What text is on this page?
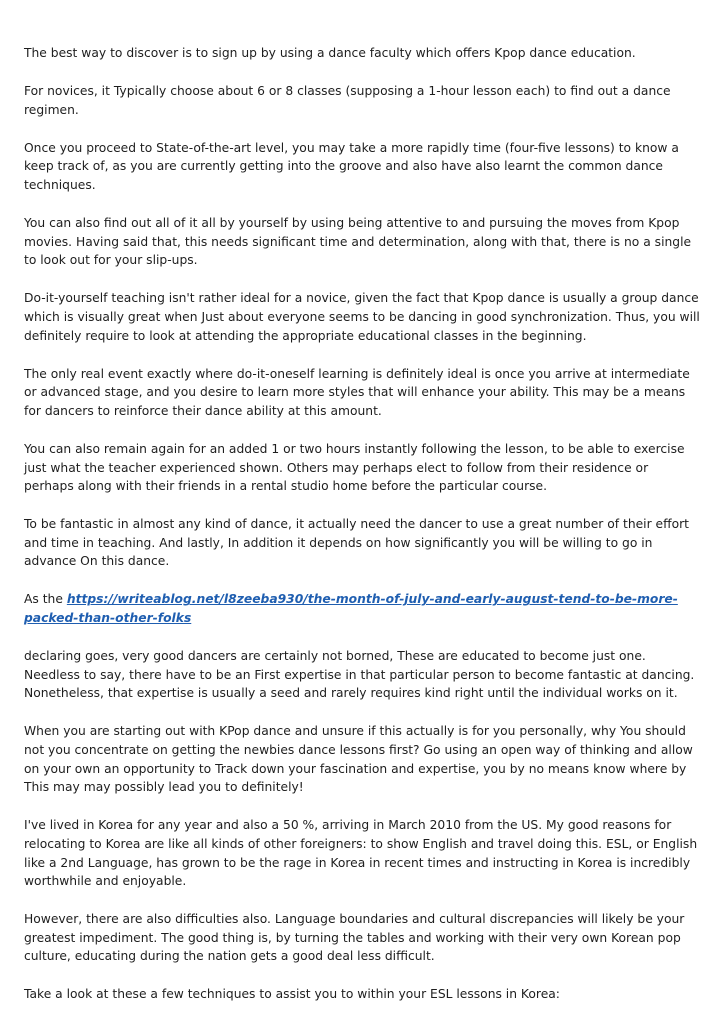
The best way to discover is to sign up by using a dance faculty which offers Kpop dance education.

For novices, it Typically choose about 6 or 8 classes (supposing a 1-hour lesson each) to find out a dance regimen.

Once you proceed to State-of-the-art level, you may take a more rapidly time (four-five lessons) to know a keep track of, as you are currently getting into the groove and also have also learnt the common dance techniques.

You can also find out all of it all by yourself by using being attentive to and pursuing the moves from Kpop movies. Having said that, this needs significant time and determination, along with that, there is no a single to look out for your slip-ups.

Do-it-yourself teaching isn't rather ideal for a novice, given the fact that Kpop dance is usually a group dance which is visually great when Just about everyone seems to be dancing in good synchronization. Thus, you will definitely require to look at attending the appropriate educational classes in the beginning.

The only real event exactly where do-it-oneself learning is definitely ideal is once you arrive at intermediate or advanced stage, and you desire to learn more styles that will enhance your ability. This may be a means for dancers to reinforce their dance ability at this amount.

You can also remain again for an added 1 or two hours instantly following the lesson, to be able to exercise just what the teacher experienced shown. Others may perhaps elect to follow from their residence or perhaps along with their friends in a rental studio home before the particular course.

To be fantastic in almost any kind of dance, it actually need the dancer to use a great number of their effort and time in teaching. And lastly, In addition it depends on how significantly you will be willing to go in advance On this dance.

As the https://writeablog.net/l8zeeba930/the-month-of-july-and-early-august-tend-to-be-more-packed-than-other-folks

declaring goes, very good dancers are certainly not borned, These are educated to become just one. Needless to say, there have to be an First expertise in that particular person to become fantastic at dancing. Nonetheless, that expertise is usually a seed and rarely requires kind right until the individual works on it.

When you are starting out with KPop dance and unsure if this actually is for you personally, why You should not you concentrate on getting the newbies dance lessons first? Go using an open way of thinking and allow on your own an opportunity to Track down your fascination and expertise, you by no means know where by This may may possibly lead you to definitely!

I've lived in Korea for any year and also a 50 %, arriving in March 2010 from the US. My good reasons for relocating to Korea are like all kinds of other foreigners: to show English and travel doing this. ESL, or English like a 2nd Language, has grown to be the rage in Korea in recent times and instructing in Korea is incredibly worthwhile and enjoyable.

However, there are also difficulties also. Language boundaries and cultural discrepancies will likely be your greatest impediment. The good thing is, by turning the tables and working with their very own Korean pop culture, educating during the nation gets a good deal less difficult.

Take a look at these a few techniques to assist you to within your ESL lessons in Korea:
